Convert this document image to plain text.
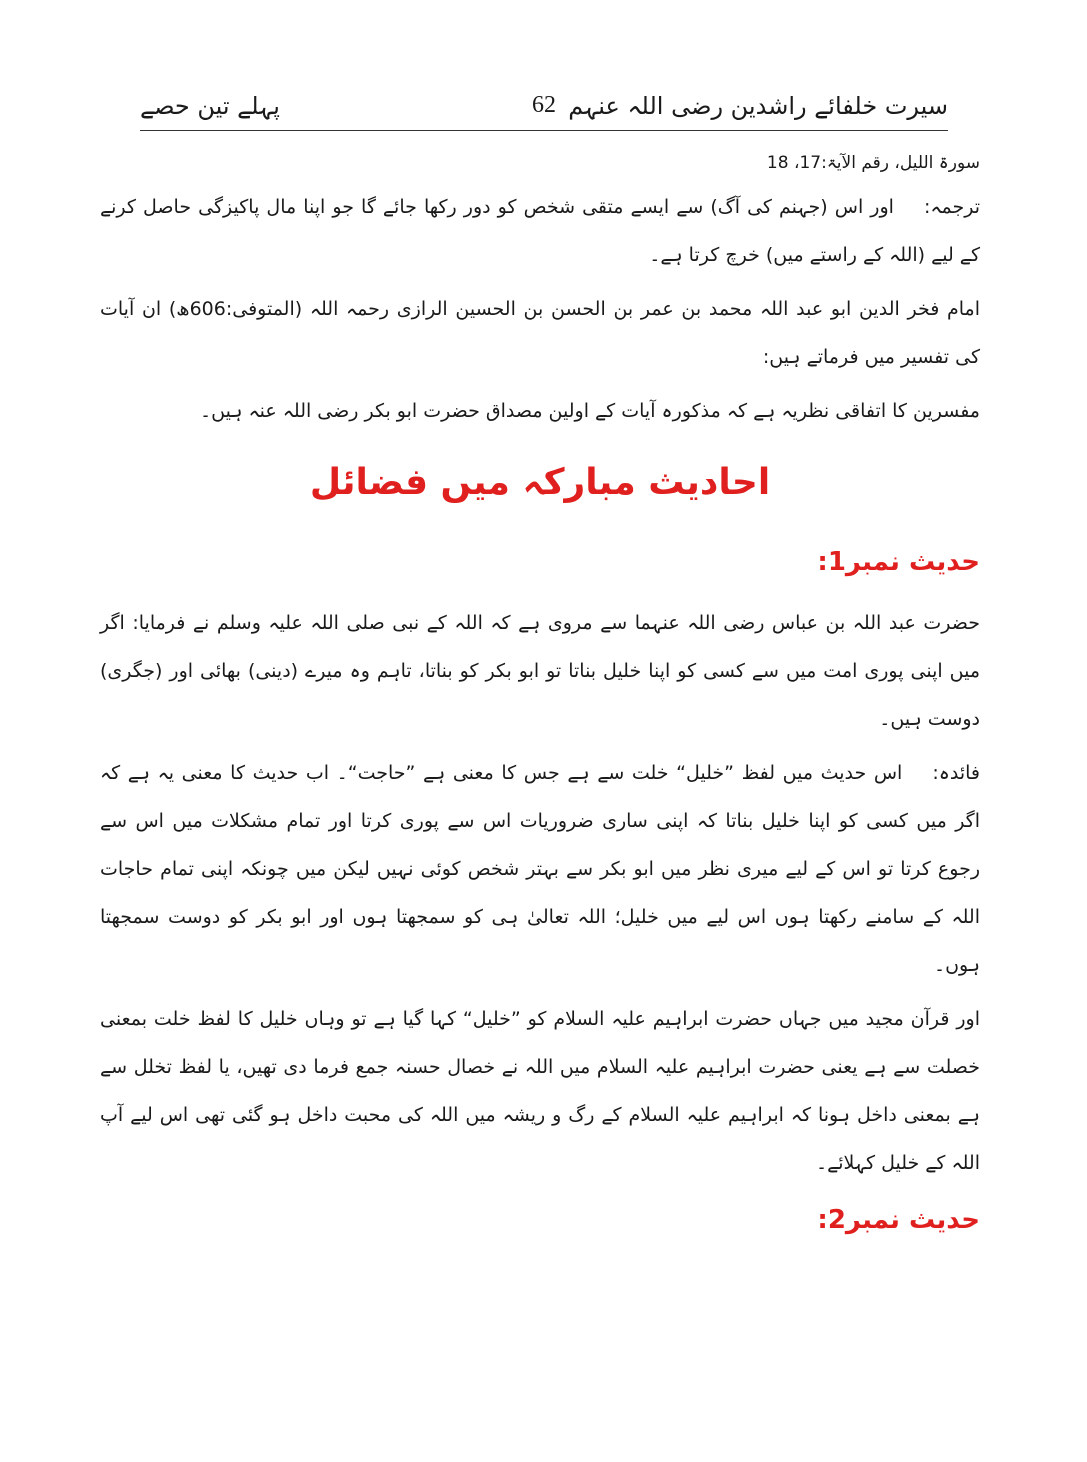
سیرت خلفائے راشدین رضی اللہ عنہم
62
پہلے تین حصے
سورۃ اللیل، رقم الآیۃ:17، 18

ترجمہ:اور اس (جہنم کی آگ) سے ایسے متقی شخص کو دور رکھا جائے گا جو اپنا مال پاکیزگی حاصل کرنے کے لیے (اللہ کے راستے میں) خرچ کرتا ہے۔

امام فخر الدین ابو عبد اللہ محمد بن عمر بن الحسن بن الحسین الرازی رحمہ اللہ (المتوفی:606ھ) ان آیات کی تفسیر میں فرماتے ہیں:

مفسرین کا اتفاقی نظریہ ہے کہ مذکورہ آیات کے اولین مصداق حضرت ابو بکر رضی اللہ عنہ ہیں۔

احادیث مبارکہ میں فضائل
حدیث نمبر1:

حضرت عبد اللہ بن عباس رضی اللہ عنہما سے مروی ہے کہ اللہ کے نبی صلی اللہ علیہ وسلم نے فرمایا: اگر میں اپنی پوری امت میں سے کسی کو اپنا خلیل بناتا تو ابو بکر کو بناتا، تاہم وہ میرے (دینی) بھائی اور (جگری) دوست ہیں۔

فائدہ:اس حدیث میں لفظ ”خلیل“ خلت سے ہے جس کا معنی ہے ”حاجت“۔ اب حدیث کا معنی یہ ہے کہ اگر میں کسی کو اپنا خلیل بناتا کہ اپنی ساری ضروریات اس سے پوری کرتا اور تمام مشکلات میں اس سے رجوع کرتا تو اس کے لیے میری نظر میں ابو بکر سے بہتر شخص کوئی نہیں لیکن میں چونکہ اپنی تمام حاجات اللہ کے سامنے رکھتا ہوں اس لیے میں خلیل؛ اللہ تعالیٰ ہی کو سمجھتا ہوں اور ابو بکر کو دوست سمجھتا ہوں۔

اور قرآن مجید میں جہاں حضرت ابراہیم علیہ السلام کو ”خلیل“ کہا گیا ہے تو وہاں خلیل کا لفظ خلت بمعنی خصلت سے ہے یعنی حضرت ابراہیم علیہ السلام میں اللہ نے خصال حسنہ جمع فرما دی تھیں، یا لفظ تخلل سے ہے بمعنی داخل ہونا کہ ابراہیم علیہ السلام کے رگ و ریشہ میں اللہ کی محبت داخل ہو گئی تھی اس لیے آپ اللہ کے خلیل کہلائے۔

حدیث نمبر2:
